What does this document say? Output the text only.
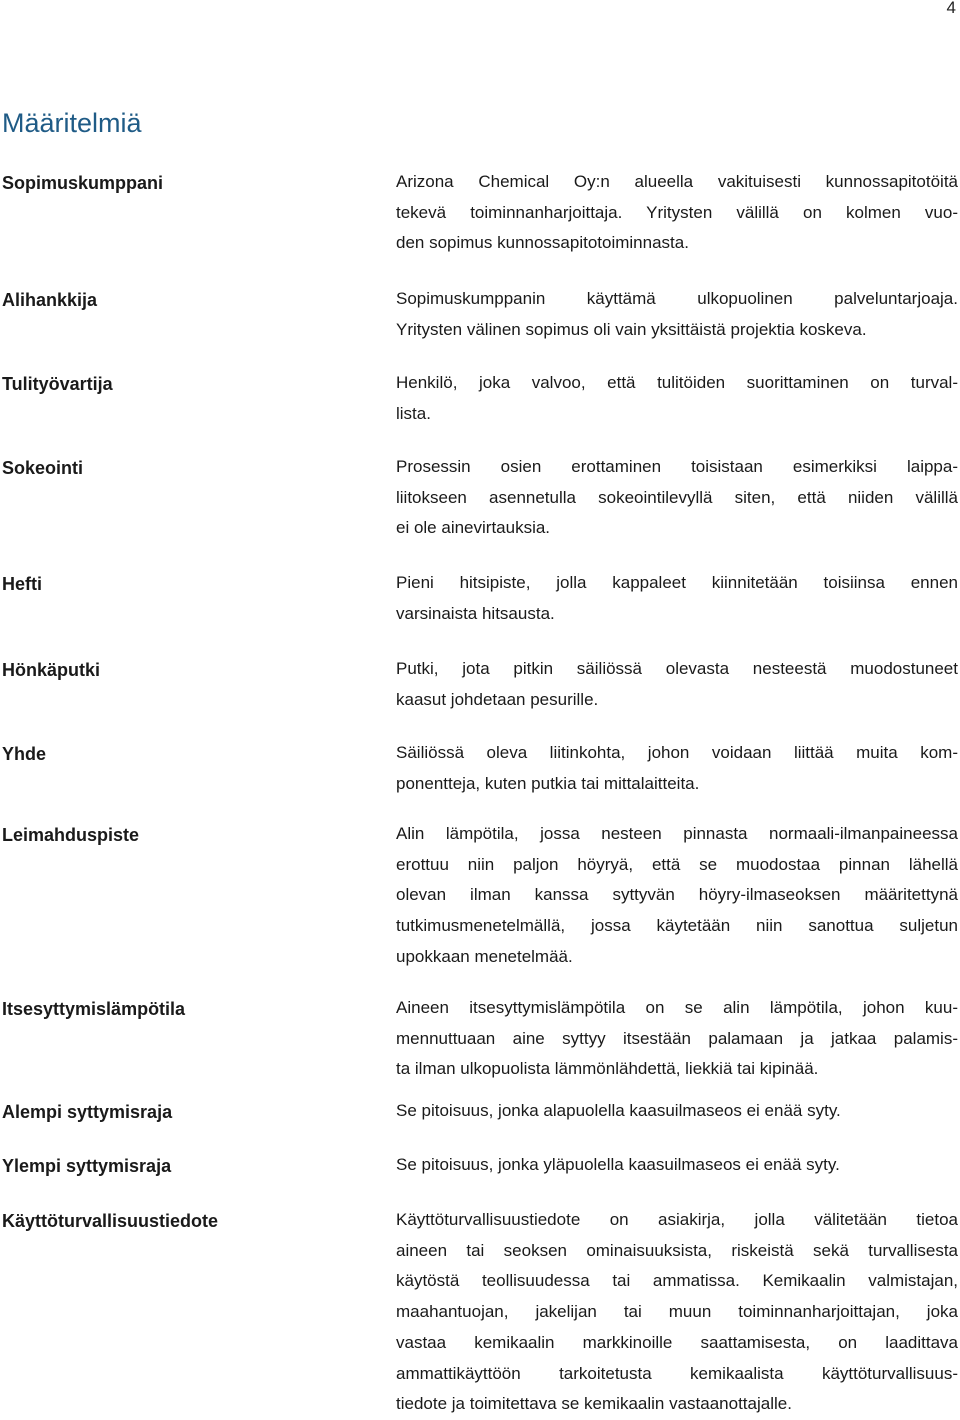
4
Määritelmiä
Sopimuskumppani	Arizona Chemical Oy:n alueella vakituisesti kunnossapitotöitä
tekevä toiminnanharjoittaja. Yritysten välillä on kolmen vuo-
den sopimus kunnossapitotoiminnasta.
Alihankkija	Sopimuskumppanin käyttämä ulkopuolinen palveluntarjoaja.
Yritysten välinen sopimus oli vain yksittäistä projektia koskeva.
Tulityövartija	Henkilö, joka valvoo, että tulitöiden suorittaminen on turval-
lista.
Sokeointi	Prosessin osien erottaminen toisistaan esimerkiksi laippa-
liitokseen asennetulla sokeointilevyllä siten, että niiden välillä
ei ole ainevirtauksia.
Hefti	Pieni hitsipiste, jolla kappaleet kiinnitetään toisiinsa ennen
varsinaista hitsausta.
Hönkäputki	Putki, jota pitkin säiliössä olevasta nesteestä muodostuneet
kaasut johdetaan pesurille.
Yhde	Säiliössä oleva liitinkohta, johon voidaan liittää muita kom-
ponentteja, kuten putkia tai mittalaitteita.
Leimahduspiste	Alin lämpötila, jossa nesteen pinnasta normaali-ilmanpaineessa
erottuu niin paljon höyryä, että se muodostaa pinnan lähellä
olevan ilman kanssa syttyvän höyry-ilmaseoksen määritettynä
tutkimusmenetelmällä, jossa käytetään niin sanottua suljetun
upokkaan menetelmää.
Itsesyttymislämpötila	Aineen itsesyttymislämpötila on se alin lämpötila, johon kuu-
mennuttuaan aine syttyy itsestään palamaan ja jatkaa palamis-
ta ilman ulkopuolista lämmönlähdettä, liekkiä tai kipinää.
Alempi syttymisraja	Se pitoisuus, jonka alapuolella kaasuilmaseos ei enää syty.
Ylempi syttymisraja	Se pitoisuus, jonka yläpuolella kaasuilmaseos ei enää syty.
Käyttöturvallisuustiedote	Käyttöturvallisuustiedote on asiakirja, jolla välitetään tietoa
aineen tai seoksen ominaisuuksista, riskeistä sekä turvallisesta
käytöstä teollisuudessa tai ammatissa. Kemikaalin valmistajan,
maahantuojan, jakelijan tai muun toiminnanharjoittajan, joka
vastaa kemikaalin markkinoille saattamisesta, on laadittava
ammattikäyttöön tarkoitetusta kemikaalista käyttöturvallisuus-
tiedote ja toimitettava se kemikaalin vastaanottajalle.
